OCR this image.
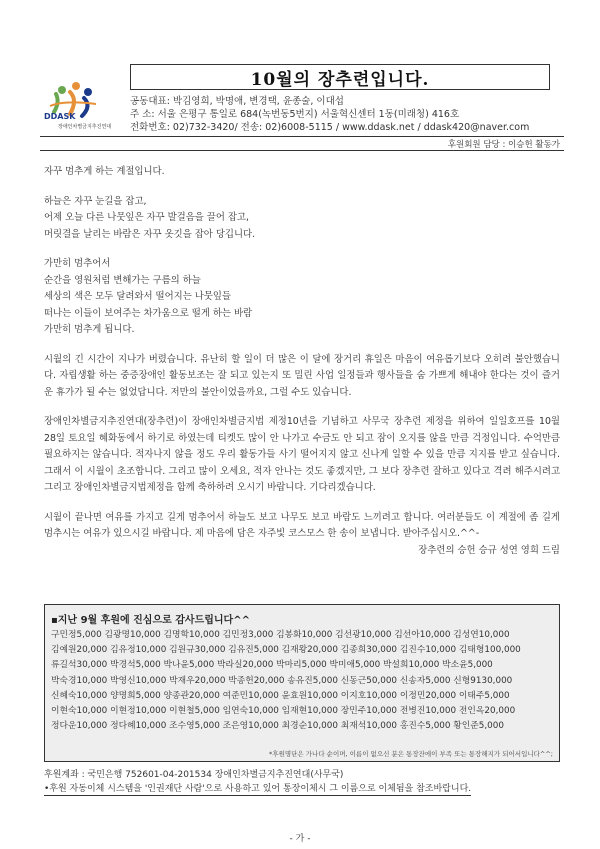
DDASK
장애인차별금지추진연대
10월의 장추련입니다.
공동대표: 박김영희, 박명애, 변경택, 윤종술, 이대섭
주 소: 서울 은평구 통일로 684(녹번동5번지) 서울혁신센터 1동(미래청) 416호
전화번호: 02)732-3420/ 전송: 02)6008-5115 / www.ddask.net / ddask420@naver.com
후원회원 담당 : 이승헌 활동가

자꾸 멈추게 하는 계절입니다.

하늘은 자꾸 눈길을 잡고,

어제 오늘 다른 나뭇잎은 자꾸 발걸음을 끌어 잡고,

머릿결을 날리는 바람은 자꾸 옷깃을 잡아 당깁니다.

가만히 멈추어서

순간을 영원처럼 변해가는 구름의 하늘

세상의 색은 모두 달려와서 떨어지는 나뭇잎들

떠나는 이들이 보여주는 차가움으로 떨게 하는 바람

가만히 멈추게 됩니다.

시월의 긴 시간이 지나가 버렸습니다. 유난히 할 일이 더 많은 이 달에 장거리 휴일은 마음이 여유롭기보다 오히려 불안했습니다. 자립생활 하는 중증장애인 활동보조는 잘 되고 있는지 또 밀린 사업 일정들과 행사들을 숨 가쁘게 해내야 한다는 것이 즐거운 휴가가 될 수는 없었답니다. 저만의 불안이었을까요, 그럴 수도 있습니다.

장애인차별금지추진연대(장추련)이 장애인차별금지법 제정10년을 기념하고 사무국 장추련 제정을 위하여 일일호프를 10월 28일 토요일 혜화동에서 하기로 하였는데 티켓도 많이 안 나가고 수금도 안 되고 잠이 오지를 않을 만큼 걱정입니다. 수억만큼 필요하지는 않습니다. 적자나지 않을 정도 우리 활동가들 사기 떨어지지 않고 신나게 일할 수 있을 만큼 지지를 받고 싶습니다. 그래서 이 시월이 초조합니다. 그리고 많이 오세요, 적자 안나는 것도 좋겠지만, 그 보다 장추련 잘하고 있다고 격려 해주시려고 그리고 장애인차별금지법제정을 함께 축하하려 오시기 바랍니다. 기다리겠습니다.

시월이 끝나면 여유를 가지고 길게 멈추어서 하늘도 보고 나무도 보고 바람도 느끼려고 합니다. 여러분들도 이 계절에 좀 길게 멈추시는 여유가 있으시길 바랍니다. 제 마음에 담은 자주빛 코스모스 한 송이 보냅니다. 받아주십시오.^^-

장추련의 승헌 승규 성연 영희 드림

▪지난 9월 후원에 진심으로 감사드립니다^^
구민정5,000 김광명10,000 김명학10,000 김민정3,000 김봉화10,000 김선광10,000 김선아10,000 김성연10,000
김예원20,000 김유정10,000 김원규30,000 김유진5,000 김재왕20,000 김종희30,000 김진수10,000 김태형100,000
류길석30,000 박경석5,000 박나윤5,000 박라실20,000 박마리5,000 박미애5,000 박설희10,000 박소윤5,000
박숙경10,000 박영신10,000 박재우20,000 박종헌20,000 송유진5,000 신동근50,000 신송자5,000 신형9130,000
신혜숙10,000 양명희5,000 양종관20,000 여준민10,000 윤효원10,000 이지호10,000 이정민20,000 이태주5,000
이현숙10,000 이현정10,000 이현철5,000 임연숙10,000 임재현10,000 장민주10,000 전병진10,000 전인옥20,000
정다운10,000 정다혜10,000 조수영5,000 조은영10,000 최경순10,000 최재석10,000 홍진수5,000 황인준5,000
*후원명단은 가나다 순이며, 이름이 없으신 분은 통장잔에이 부족 또는 통장해지가 되어서입니다^^;
후원계좌 : 국민은행 752601-04-201534 장애인차별금지추진연대(사무국)
•후원 자동이체 시스템을 '인권재단 사람'으로 사용하고 있어 통장이체시 그 이름으로 이체됨을 참조바랍니다.
- 가 -
